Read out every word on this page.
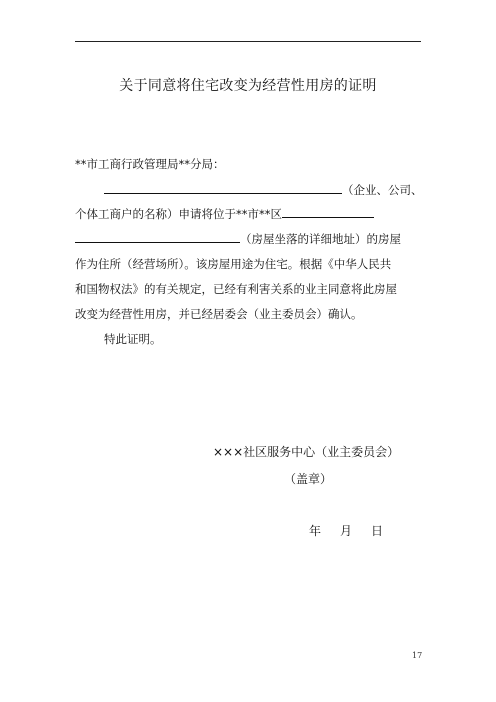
关于同意将住宅改变为经营性用房的证明
**市工商行政管理局**分局：
（企业、公司、
个体工商户的名称）申请将位于**市**区
（房屋坐落的详细地址）的房屋
作为住所（经营场所）。该房屋用途为住宅。根据《中华人民共
和国物权法》的有关规定，已经有利害关系的业主同意将此房屋
改变为经营性用房，并已经居委会（业主委员会）确认。
特此证明。
×××社区服务中心（业主委员会）
（盖章）
年 月 日
17
